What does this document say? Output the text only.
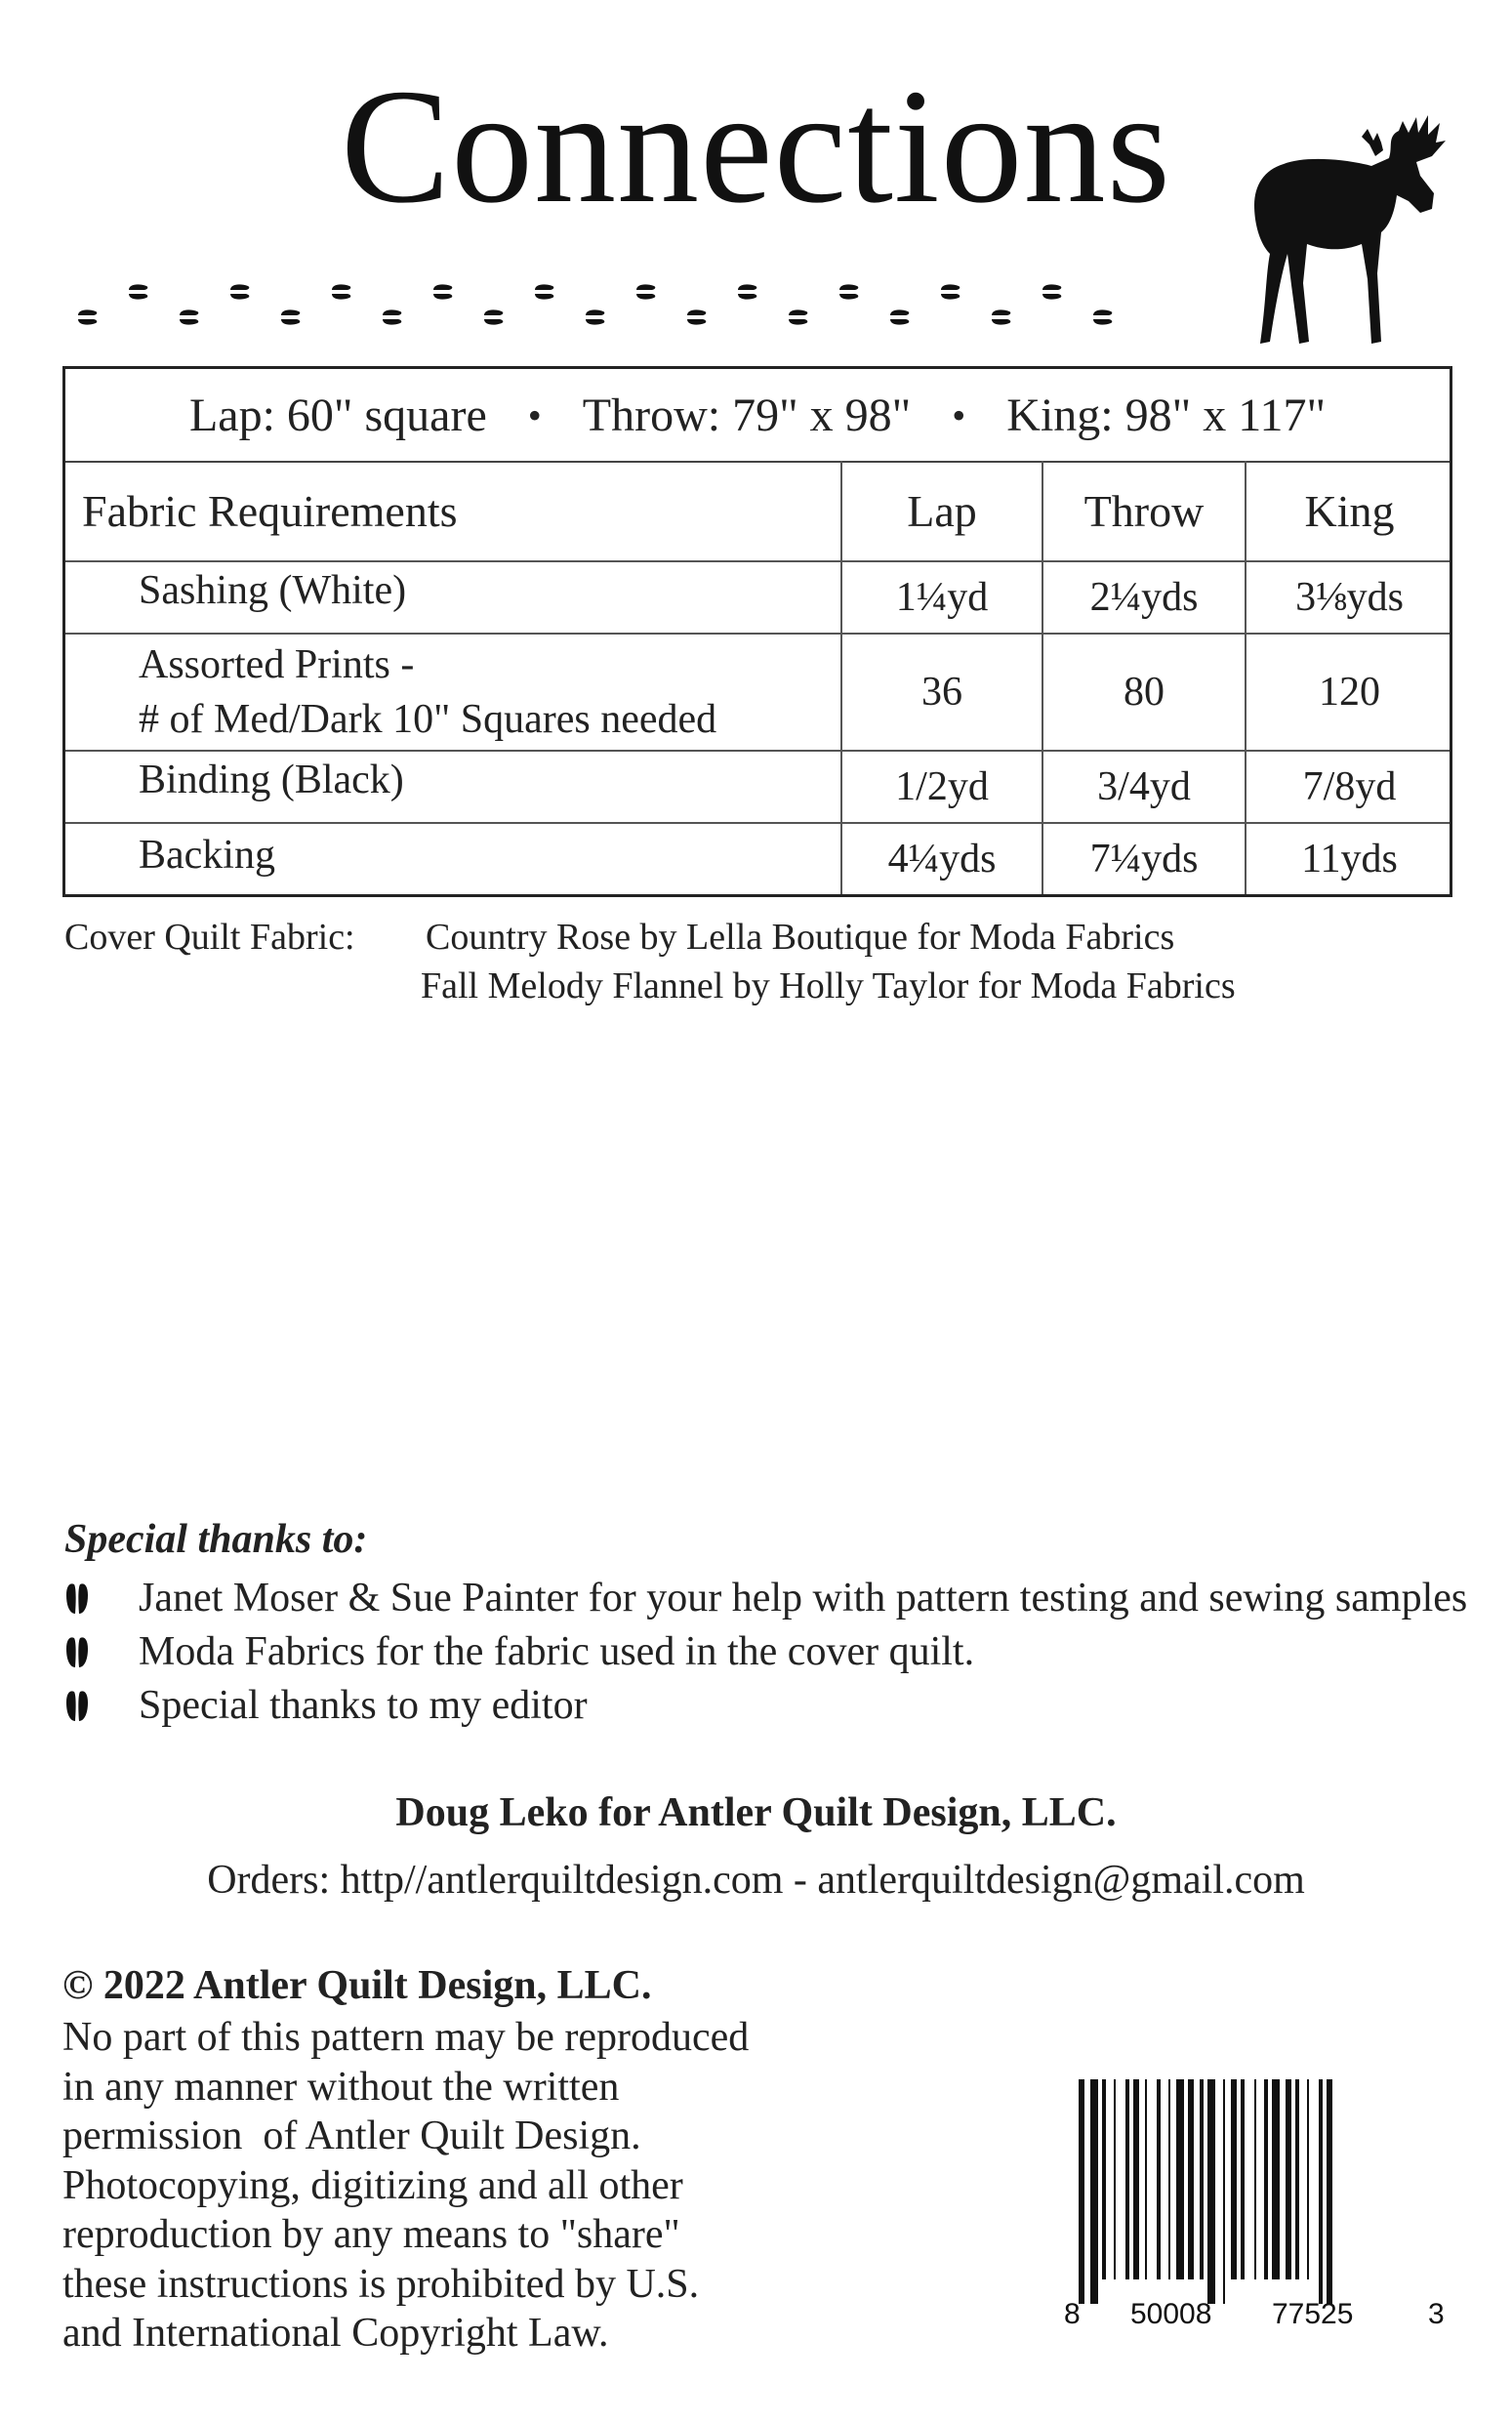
Connections
Lap: 60" square • Throw: 79" x 98" • King: 98" x 117"
Fabric Requirements	Lap	Throw	King
Sashing (White)	1¼yd	2¼yds	3⅛yds
Assorted Prints -
# of Med/Dark 10" Squares needed
36	80	120
Binding (Black)	1/2yd	3/4yd	7/8yd
Backing	4¼yds	7¼yds	11yds
Cover Quilt Fabric: Country Rose by Lella Boutique for Moda Fabrics
Fall Melody Flannel by Holly Taylor for Moda Fabrics
Special thanks to:
Janet Moser & Sue Painter for your help with pattern testing and sewing samples
Moda Fabrics for the fabric used in the cover quilt.
Special thanks to my editor
Doug Leko for Antler Quilt Design, LLC.
Orders: http//antlerquiltdesign.com - antlerquiltdesign@gmail.com
© 2022 Antler Quilt Design, LLC.
No part of this pattern may be reproduced
in any manner without the written
permission  of Antler Quilt Design.
Photocopying, digitizing and all other
reproduction by any means to "share"
these instructions is prohibited by U.S.
and International Copyright Law.	8 50008 77525	3
